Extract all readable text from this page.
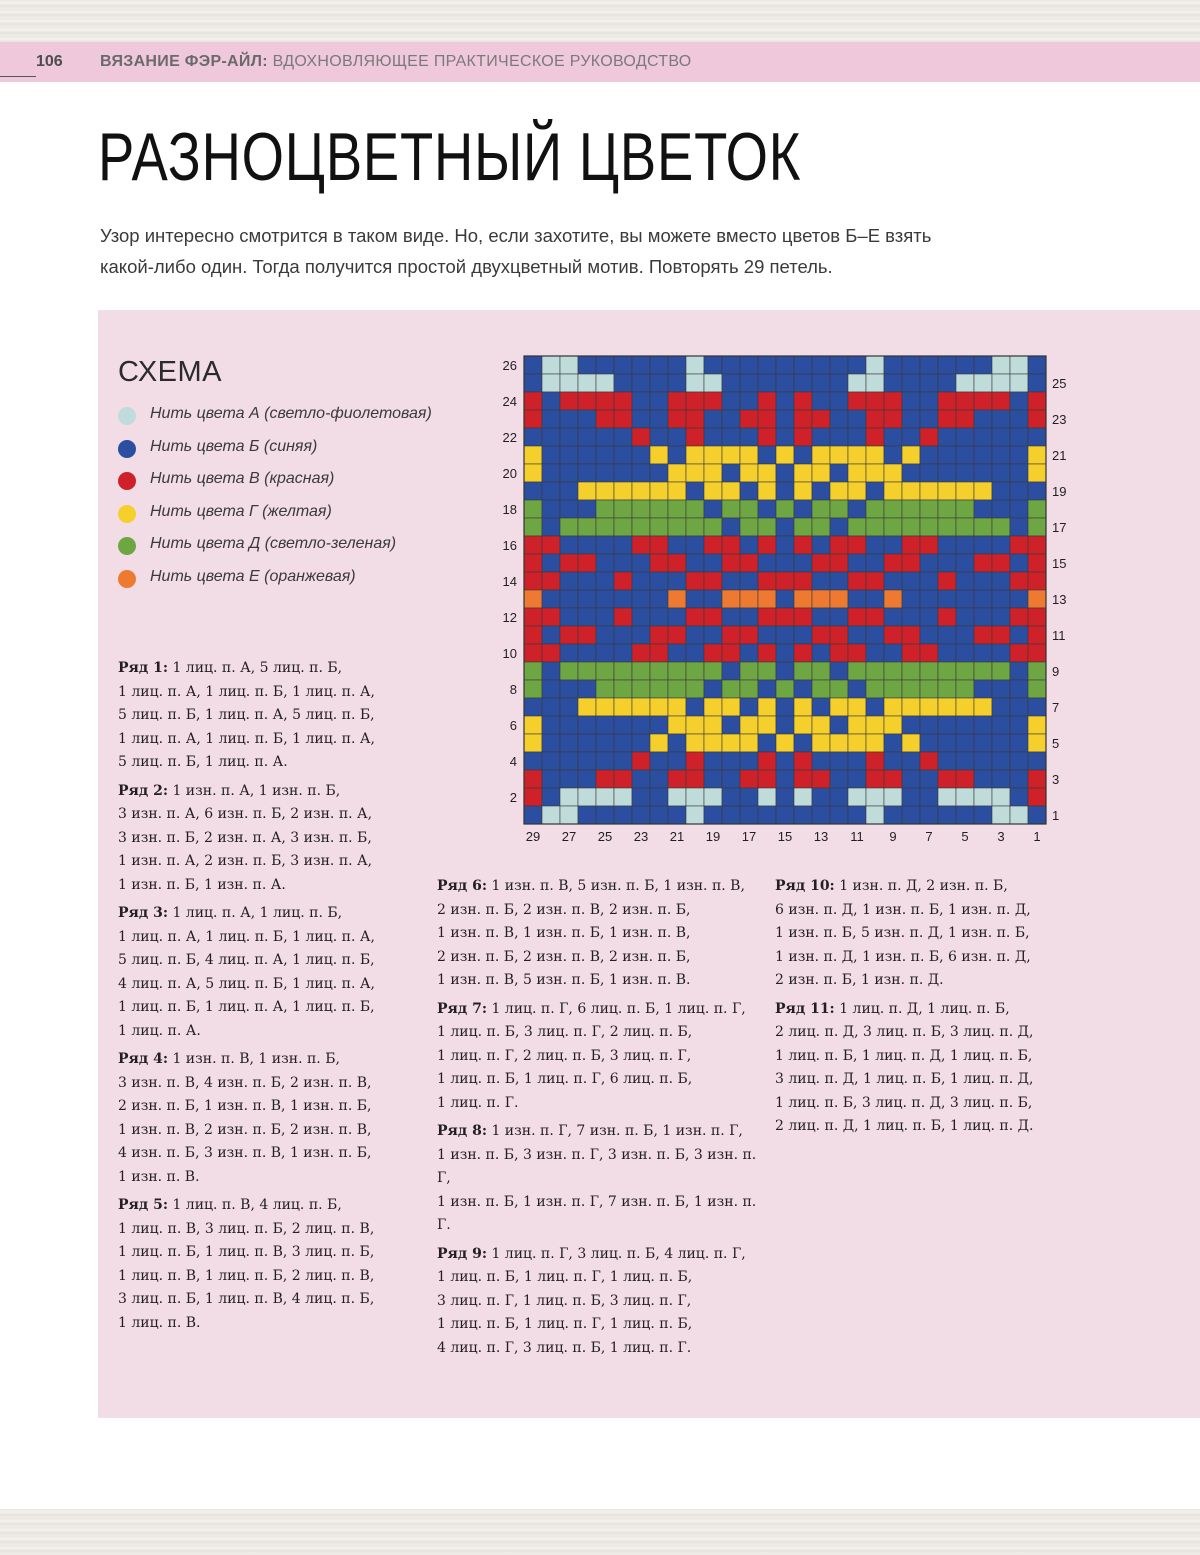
106 ВЯЗАНИЕ ФЭР-АЙЛ: ВДОХНОВЛЯЮЩЕЕ ПРАКТИЧЕСКОЕ РУКОВОДСТВО
РАЗНОЦВЕТНЫЙ ЦВЕТОК

Узор интересно смотрится в таком виде. Но, если захотите, вы можете вместо цветов Б–Е взять
какой-либо один. Тогда получится простой двухцветный мотив. Повторять 29 петель.

СХЕМА
Нить цвета А (светло-фиолетовая)
Нить цвета Б (синяя)
Нить цвета В (красная)
Нить цвета Г (желтая)
Нить цвета Д (светло-зеленая)
Нить цвета Е (оранжевая)
29 27 25 23 21 19 17 15 13 11 9 7 5 3 1
26
24
22
20
18
16
14
12
10
8
6
4
2
25
23
21
19
17
15
13
11
9
7
5
3
1

Ряд 1: 1 лиц. п. А, 5 лиц. п. Б,
1 лиц. п. А, 1 лиц. п. Б, 1 лиц. п. А,
5 лиц. п. Б, 1 лиц. п. А, 5 лиц. п. Б,
1 лиц. п. А, 1 лиц. п. Б, 1 лиц. п. А,
5 лиц. п. Б, 1 лиц. п. А.

Ряд 2: 1 изн. п. А, 1 изн. п. Б,
3 изн. п. А, 6 изн. п. Б, 2 изн. п. А,
3 изн. п. Б, 2 изн. п. А, 3 изн. п. Б,
1 изн. п. А, 2 изн. п. Б, 3 изн. п. А,
1 изн. п. Б, 1 изн. п. А.

Ряд 3: 1 лиц. п. А, 1 лиц. п. Б,
1 лиц. п. А, 1 лиц. п. Б, 1 лиц. п. А,
5 лиц. п. Б, 4 лиц. п. А, 1 лиц. п. Б,
4 лиц. п. А, 5 лиц. п. Б, 1 лиц. п. А,
1 лиц. п. Б, 1 лиц. п. А, 1 лиц. п. Б,
1 лиц. п. А.

Ряд 4: 1 изн. п. В, 1 изн. п. Б,
3 изн. п. В, 4 изн. п. Б, 2 изн. п. В,
2 изн. п. Б, 1 изн. п. В, 1 изн. п. Б,
1 изн. п. В, 2 изн. п. Б, 2 изн. п. В,
4 изн. п. Б, 3 изн. п. В, 1 изн. п. Б,
1 изн. п. В.

Ряд 5: 1 лиц. п. В, 4 лиц. п. Б,
1 лиц. п. В, 3 лиц. п. Б, 2 лиц. п. В,
1 лиц. п. Б, 1 лиц. п. В, 3 лиц. п. Б,
1 лиц. п. В, 1 лиц. п. Б, 2 лиц. п. В,
3 лиц. п. Б, 1 лиц. п. В, 4 лиц. п. Б,
1 лиц. п. В.

Ряд 6: 1 изн. п. В, 5 изн. п. Б, 1 изн. п. В,
2 изн. п. Б, 2 изн. п. В, 2 изн. п. Б,
1 изн. п. В, 1 изн. п. Б, 1 изн. п. В,
2 изн. п. Б, 2 изн. п. В, 2 изн. п. Б,
1 изн. п. В, 5 изн. п. Б, 1 изн. п. В.

Ряд 7: 1 лиц. п. Г, 6 лиц. п. Б, 1 лиц. п. Г,
1 лиц. п. Б, 3 лиц. п. Г, 2 лиц. п. Б,
1 лиц. п. Г, 2 лиц. п. Б, 3 лиц. п. Г,
1 лиц. п. Б, 1 лиц. п. Г, 6 лиц. п. Б,
1 лиц. п. Г.

Ряд 8: 1 изн. п. Г, 7 изн. п. Б, 1 изн. п. Г,
1 изн. п. Б, 3 изн. п. Г, 3 изн. п. Б, 3 изн. п. Г,
1 изн. п. Б, 1 изн. п. Г, 7 изн. п. Б, 1 изн. п. Г.

Ряд 9: 1 лиц. п. Г, 3 лиц. п. Б, 4 лиц. п. Г,
1 лиц. п. Б, 1 лиц. п. Г, 1 лиц. п. Б,
3 лиц. п. Г, 1 лиц. п. Б, 3 лиц. п. Г,
1 лиц. п. Б, 1 лиц. п. Г, 1 лиц. п. Б,
4 лиц. п. Г, 3 лиц. п. Б, 1 лиц. п. Г.

Ряд 10: 1 изн. п. Д, 2 изн. п. Б,
6 изн. п. Д, 1 изн. п. Б, 1 изн. п. Д,
1 изн. п. Б, 5 изн. п. Д, 1 изн. п. Б,
1 изн. п. Д, 1 изн. п. Б, 6 изн. п. Д,
2 изн. п. Б, 1 изн. п. Д.

Ряд 11: 1 лиц. п. Д, 1 лиц. п. Б,
2 лиц. п. Д, 3 лиц. п. Б, 3 лиц. п. Д,
1 лиц. п. Б, 1 лиц. п. Д, 1 лиц. п. Б,
3 лиц. п. Д, 1 лиц. п. Б, 1 лиц. п. Д,
1 лиц. п. Б, 3 лиц. п. Д, 3 лиц. п. Б,
2 лиц. п. Д, 1 лиц. п. Б, 1 лиц. п. Д.
